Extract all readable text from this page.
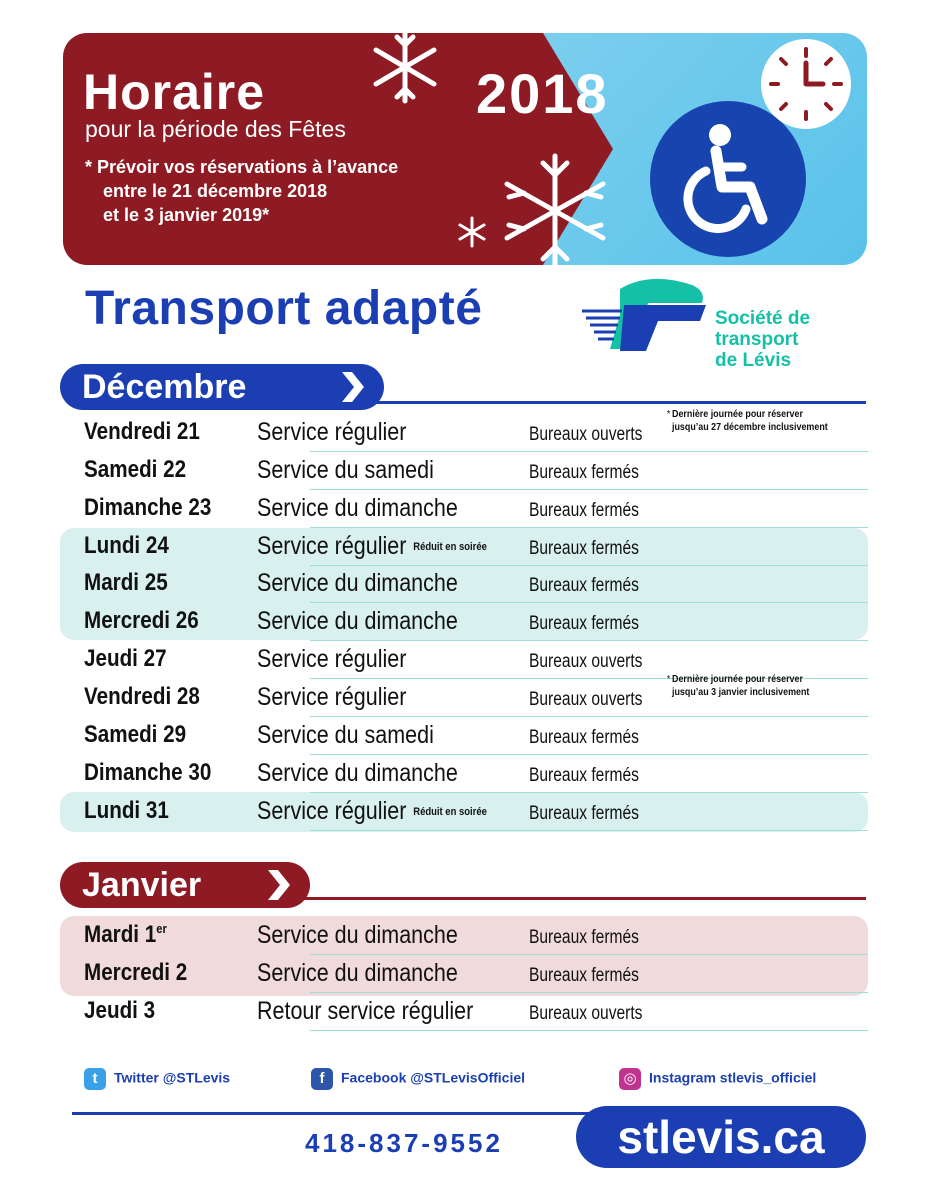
Horaire
pour la période des Fêtes
* Prévoir vos réservations à l’avance
entre le 21 décembre 2018
et le 3 janvier 2019*
2018
Transport adapté	Société de
transport
de Lévis
Décembre
Vendredi 21 Service régulier	Bureaux ouverts
* Dernière journée pour réserver
jusqu’au 27 décembre inclusivement
Samedi 22	Service du samedi	Bureaux fermés
Dimanche 23 Service du dimanche	Bureaux fermés
Lundi 24	Service régulier Réduit en soirée Bureaux fermés
Mardi 25	Service du dimanche	Bureaux fermés
Mercredi 26 Service du dimanche	Bureaux fermés
Jeudi 27	Service régulier	Bureaux ouverts
Vendredi 28 Service régulier	Bureaux ouverts
* Dernière journée pour réserver
jusqu’au 3 janvier inclusivement
Samedi 29	Service du samedi	Bureaux fermés
Dimanche 30 Service du dimanche	Bureaux fermés
Lundi 31	Service régulier Réduit en soirée Bureaux fermés
Janvier
Mardi 1er	Service du dimanche	Bureaux fermés
Mercredi 2	Service du dimanche	Bureaux fermés
Jeudi 3	Retour service régulier	Bureaux ouverts
t Twitter @STLevis	f Facebook @STLevisOfficiel	◎ Instagram stlevis_officiel
418-837-9552	stlevis.ca
